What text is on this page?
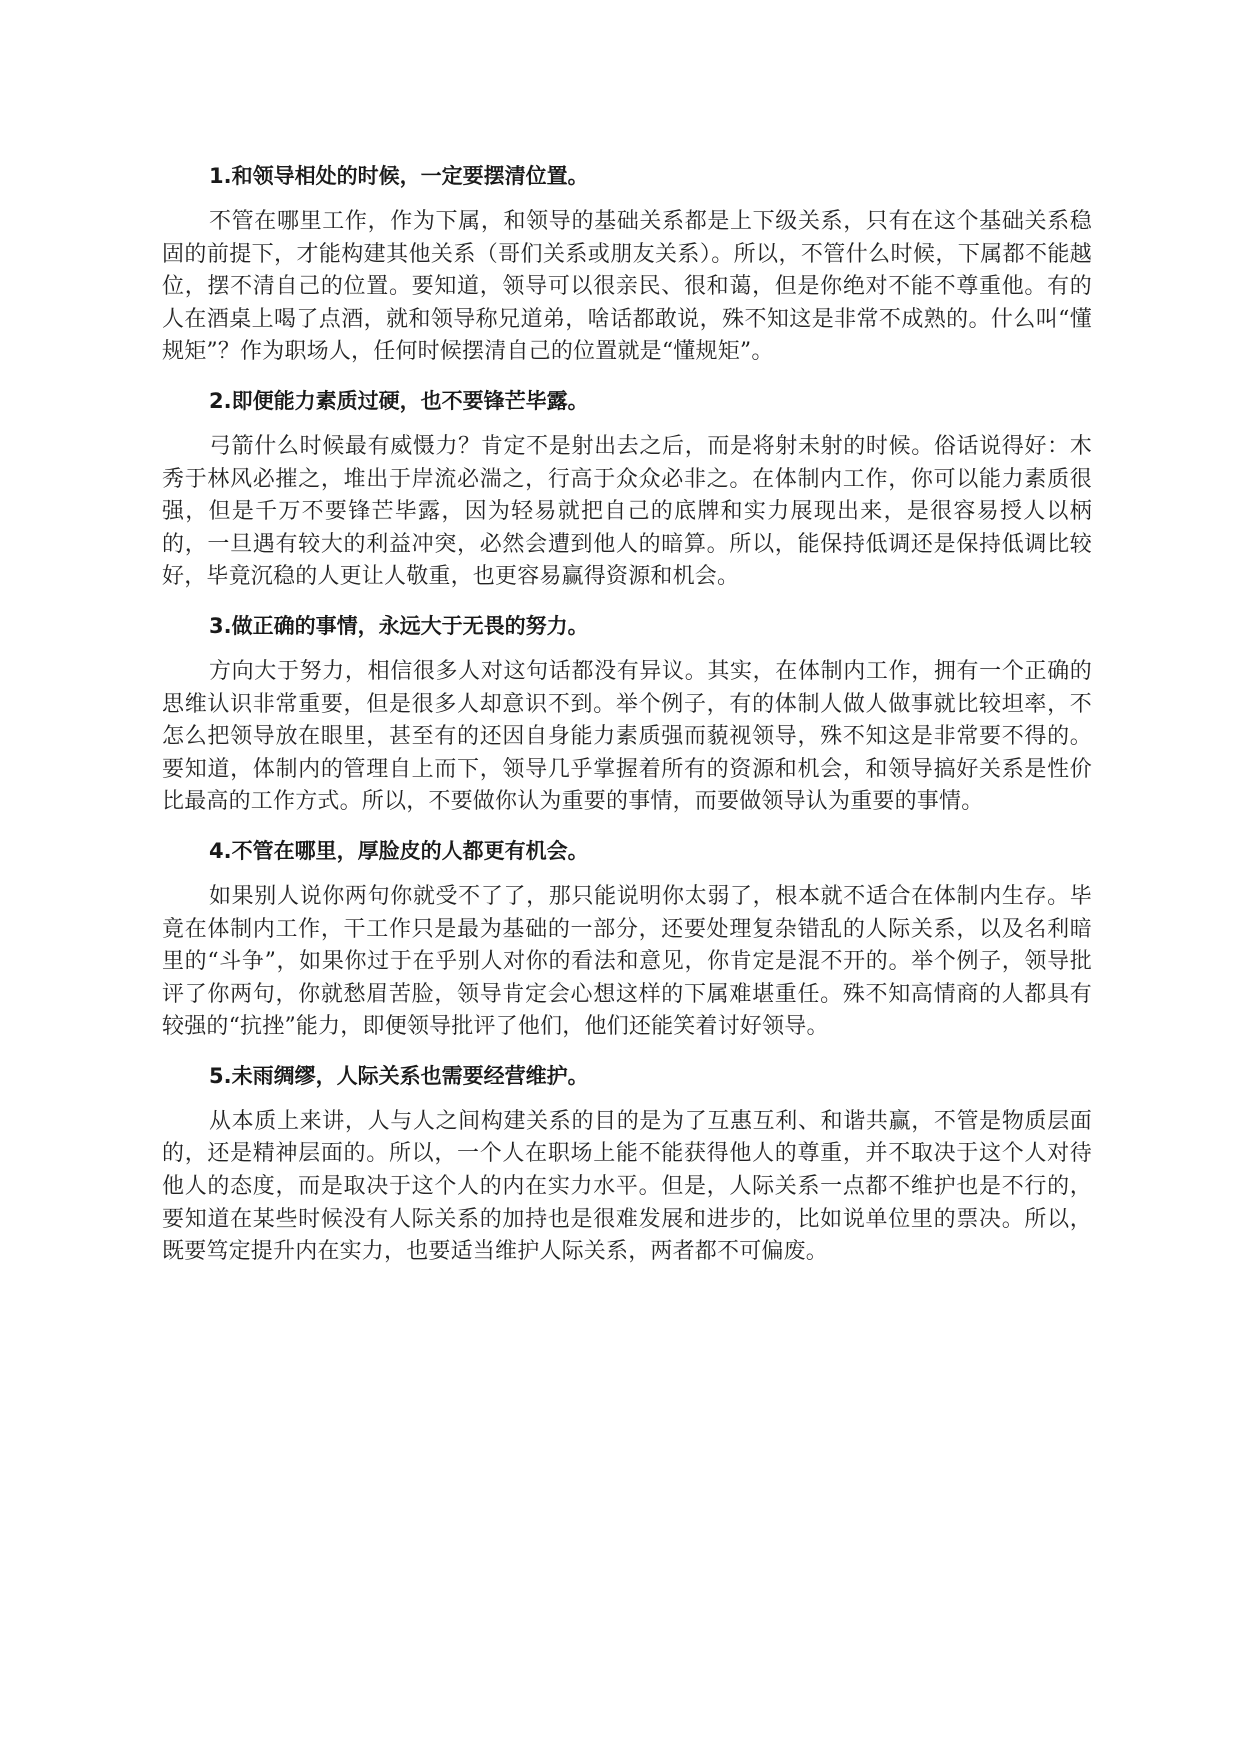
1.和领导相处的时候，一定要摆清位置。

不管在哪里工作，作为下属，和领导的基础关系都是上下级关系，只有在这个基础关系稳固的前提下，才能构建其他关系（哥们关系或朋友关系）。所以，不管什么时候，下属都不能越位，摆不清自己的位置。要知道，领导可以很亲民、很和蔼，但是你绝对不能不尊重他。有的人在酒桌上喝了点酒，就和领导称兄道弟，啥话都敢说，殊不知这是非常不成熟的。什么叫“懂规矩”？作为职场人，任何时候摆清自己的位置就是“懂规矩”。

2.即便能力素质过硬，也不要锋芒毕露。

弓箭什么时候最有威慑力？肯定不是射出去之后，而是将射未射的时候。俗话说得好：木秀于林风必摧之，堆出于岸流必湍之，行高于众众必非之。在体制内工作，你可以能力素质很强，但是千万不要锋芒毕露，因为轻易就把自己的底牌和实力展现出来，是很容易授人以柄的，一旦遇有较大的利益冲突，必然会遭到他人的暗算。所以，能保持低调还是保持低调比较好，毕竟沉稳的人更让人敬重，也更容易赢得资源和机会。

3.做正确的事情，永远大于无畏的努力。

方向大于努力，相信很多人对这句话都没有异议。其实，在体制内工作，拥有一个正确的思维认识非常重要，但是很多人却意识不到。举个例子，有的体制人做人做事就比较坦率，不怎么把领导放在眼里，甚至有的还因自身能力素质强而藐视领导，殊不知这是非常要不得的。要知道，体制内的管理自上而下，领导几乎掌握着所有的资源和机会，和领导搞好关系是性价比最高的工作方式。所以，不要做你认为重要的事情，而要做领导认为重要的事情。

4.不管在哪里，厚脸皮的人都更有机会。

如果别人说你两句你就受不了了，那只能说明你太弱了，根本就不适合在体制内生存。毕竟在体制内工作，干工作只是最为基础的一部分，还要处理复杂错乱的人际关系，以及名利暗里的“斗争”，如果你过于在乎别人对你的看法和意见，你肯定是混不开的。举个例子，领导批评了你两句，你就愁眉苦脸，领导肯定会心想这样的下属难堪重任。殊不知高情商的人都具有较强的“抗挫”能力，即便领导批评了他们，他们还能笑着讨好领导。

5.未雨绸缪，人际关系也需要经营维护。

从本质上来讲，人与人之间构建关系的目的是为了互惠互利、和谐共赢，不管是物质层面的，还是精神层面的。所以，一个人在职场上能不能获得他人的尊重，并不取决于这个人对待他人的态度，而是取决于这个人的内在实力水平。但是，人际关系一点都不维护也是不行的，要知道在某些时候没有人际关系的加持也是很难发展和进步的，比如说单位里的票决。所以，既要笃定提升内在实力，也要适当维护人际关系，两者都不可偏废。
